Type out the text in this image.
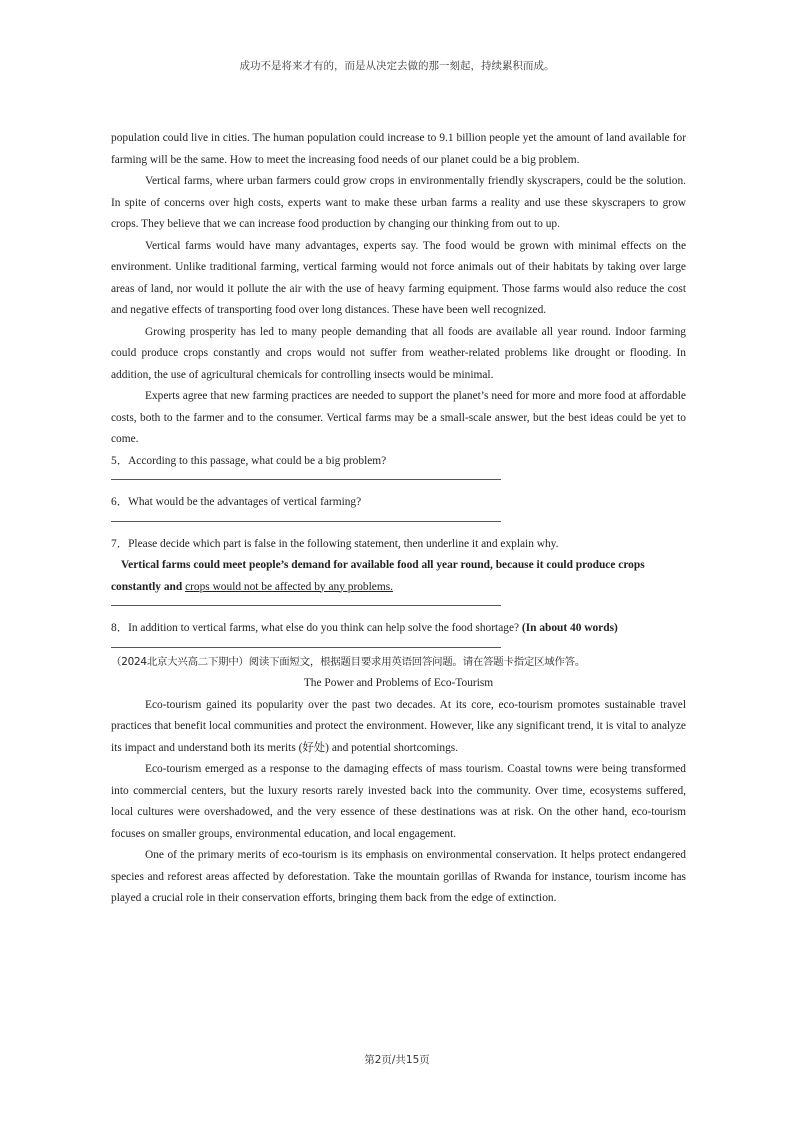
成功不是将来才有的，而是从决定去做的那一刻起，持续累积而成。

population could live in cities. The human population could increase to 9.1 billion people yet the amount of land available for farming will be the same. How to meet the increasing food needs of our planet could be a big problem.

Vertical farms, where urban farmers could grow crops in environmentally friendly skyscrapers, could be the solution. In spite of concerns over high costs, experts want to make these urban farms a reality and use these skyscrapers to grow crops. They believe that we can increase food production by changing our thinking from out to up.

Vertical farms would have many advantages, experts say. The food would be grown with minimal effects on the environment. Unlike traditional farming, vertical farming would not force animals out of their habitats by taking over large areas of land, nor would it pollute the air with the use of heavy farming equipment. Those farms would also reduce the cost and negative effects of transporting food over long distances. These have been well recognized.

Growing prosperity has led to many people demanding that all foods are available all year round. Indoor farming could produce crops constantly and crops would not suffer from weather-related problems like drought or flooding. In addition, the use of agricultural chemicals for controlling insects would be minimal.

Experts agree that new farming practices are needed to support the planet’s need for more and more food at affordable costs, both to the farmer and to the consumer. Vertical farms may be a small-scale answer, but the best ideas could be yet to come.

5．According to this passage, what could be a big problem?

6．What would be the advantages of vertical farming?

7．Please decide which part is false in the following statement, then underline it and explain why.

Vertical farms could meet people’s demand for available food all year round, because it could produce crops constantly and crops would not be affected by any problems.

8．In addition to vertical farms, what else do you think can help solve the food shortage? (In about 40 words)

（2024北京大兴高二下期中）阅读下面短文，根据题目要求用英语回答问题。请在答题卡指定区域作答。

The Power and Problems of Eco-Tourism

Eco-tourism gained its popularity over the past two decades. At its core, eco-tourism promotes sustainable travel practices that benefit local communities and protect the environment. However, like any significant trend, it is vital to analyze its impact and understand both its merits (好处) and potential shortcomings.

Eco-tourism emerged as a response to the damaging effects of mass tourism. Coastal towns were being transformed into commercial centers, but the luxury resorts rarely invested back into the community. Over time, ecosystems suffered, local cultures were overshadowed, and the very essence of these destinations was at risk. On the other hand, eco-tourism focuses on smaller groups, environmental education, and local engagement.

One of the primary merits of eco-tourism is its emphasis on environmental conservation. It helps protect endangered species and reforest areas affected by deforestation. Take the mountain gorillas of Rwanda for instance, tourism income has played a crucial role in their conservation efforts, bringing them back from the edge of extinction.

第2页/共15页
